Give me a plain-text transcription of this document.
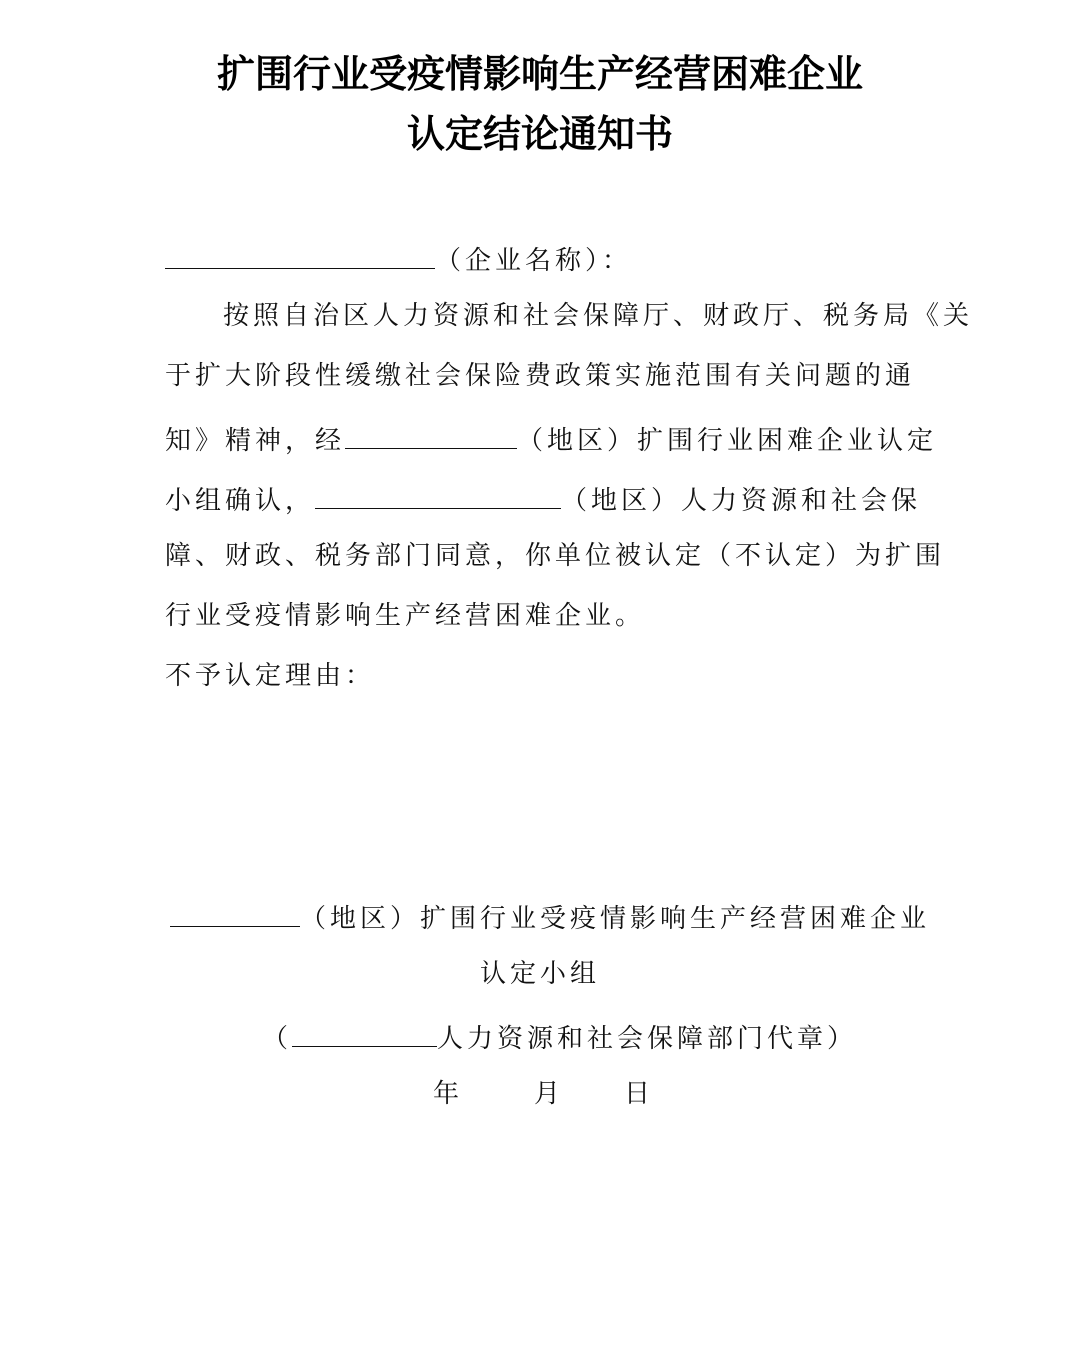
扩围行业受疫情影响生产经营困难企业
认定结论通知书
（企业名称）：
按照自治区人力资源和社会保障厅、财政厅、税务局《关
于扩大阶段性缓缴社会保险费政策实施范围有关问题的通
知》精神，经	（地区）扩围行业困难企业认定
小组确认，	（地区）人力资源和社会保
障、财政、税务部门同意，你单位被认定（不认定）为扩围
行业受疫情影响生产经营困难企业。
不予认定理由：
（地区）扩围行业受疫情影响生产经营困难企业
认定小组
（	人力资源和社会保障部门代章）
年	月 日
